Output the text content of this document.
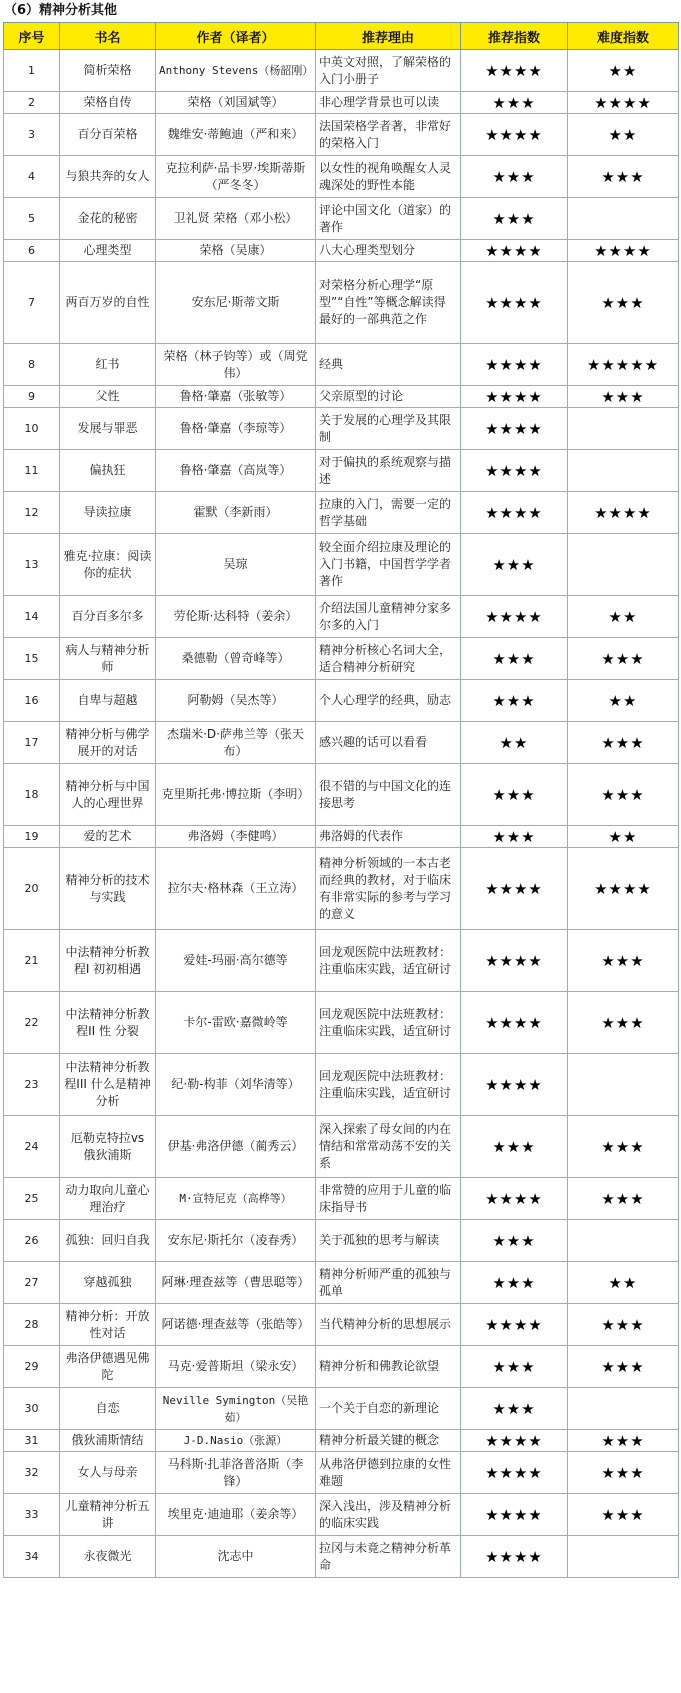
（6）精神分析其他
序号	书名	作者（译者）	推荐理由	推荐指数	难度指数
1	简析荣格	Anthony Stevens（杨韶刚）	中英文对照，了解荣格的入门小册子	★★★★	★★
2	荣格自传	荣格（刘国斌等）	非心理学背景也可以读	★★★	★★★★
3	百分百荣格	魏维安·蒂鲍迪（严和来）	法国荣格学者著，非常好的荣格入门	★★★★	★★
4	与狼共奔的女人	克拉利萨·品卡罗·埃斯蒂斯（严冬冬）	以女性的视角唤醒女人灵魂深处的野性本能	★★★	★★★
5	金花的秘密	卫礼贤 荣格（邓小松）	评论中国文化（道家）的著作	★★★	
6	心理类型	荣格（吴康）	八大心理类型划分	★★★★	★★★★
7	两百万岁的自性	安东尼·斯蒂文斯	对荣格分析心理学“原型”“自性”等概念解读得最好的一部典范之作	★★★★	★★★
8	红书	荣格（林子钧等）或（周党伟）	经典	★★★★	★★★★★
9	父性	鲁格·肇嘉（张敏等）	父亲原型的讨论	★★★★	★★★
10	发展与罪恶	鲁格·肇嘉（李琼等）	关于发展的心理学及其限制	★★★★	
11	偏执狂	鲁格·肇嘉（高岚等）	对于偏执的系统观察与描述	★★★★	
12	导读拉康	霍默（李新雨）	拉康的入门，需要一定的哲学基础	★★★★	★★★★
13	雅克·拉康：阅读你的症状	吴琼	较全面介绍拉康及理论的入门书籍，中国哲学学者著作	★★★	
14	百分百多尔多	劳伦斯·达科特（姜余）	介绍法国儿童精神分家多尔多的入门	★★★★	★★
15	病人与精神分析师	桑德勒（曾奇峰等）	精神分析核心名词大全，适合精神分析研究	★★★	★★★
16	自卑与超越	阿勒姆（吴杰等）	个人心理学的经典，励志	★★★	★★
17	精神分析与佛学展开的对话	杰瑞米·D·萨弗兰等（张天布）	感兴趣的话可以看看	★★	★★★
18	精神分析与中国人的心理世界	克里斯托弗·博拉斯（李明）	很不错的与中国文化的连接思考	★★★	★★★
19	爱的艺术	弗洛姆（李健鸣）	弗洛姆的代表作	★★★	★★
20	精神分析的技术与实践	拉尔夫·格林森（王立涛）	精神分析领域的一本古老而经典的教材，对于临床有非常实际的参考与学习的意义	★★★★	★★★★
21	中法精神分析教程I 初初相遇	爱娃-玛丽·高尔德等	回龙观医院中法班教材：注重临床实践，适宜研讨	★★★★	★★★
22	中法精神分析教程II 性 分裂	卡尔-雷欧·嘉微岭等	回龙观医院中法班教材：注重临床实践，适宜研讨	★★★★	★★★
23	中法精神分析教程III 什么是精神分析	纪·勒-构菲（刘华清等）	回龙观医院中法班教材：注重临床实践，适宜研讨	★★★★	
24	厄勒克特拉vs 俄狄浦斯	伊基·弗洛伊德（蔺秀云）	深入探索了母女间的内在情结和常常动荡不安的关系	★★★	★★★
25	动力取向儿童心理治疗	M·宣特尼克（高桦等）	非常赞的应用于儿童的临床指导书	★★★★	★★★
26	孤独：回归自我	安东尼·斯托尔（凌春秀）	关于孤独的思考与解读	★★★	
27	穿越孤独	阿琳·理查兹等（曹思聪等）	精神分析师严重的孤独与孤单	★★★	★★
28	精神分析：开放性对话	阿诺德·理查兹等（张皓等）	当代精神分析的思想展示	★★★★	★★★
29	弗洛伊德遇见佛陀	马克·爱普斯坦（梁永安）	精神分析和佛教论欲望	★★★	★★★
30	自恋	Neville Symington（吴艳茹）	一个关于自恋的新理论	★★★	
31	俄狄浦斯情结	J-D.Nasio（张源）	精神分析最关键的概念	★★★★	★★★
32	女人与母亲	马科斯·扎菲洛普洛斯（李锋）	从弗洛伊德到拉康的女性难题	★★★★	★★★
33	儿童精神分析五讲	埃里克·迪迪耶（姜余等）	深入浅出，涉及精神分析的临床实践	★★★★	★★★
34	永夜微光	沈志中	拉冈与未竟之精神分析革命	★★★★	
